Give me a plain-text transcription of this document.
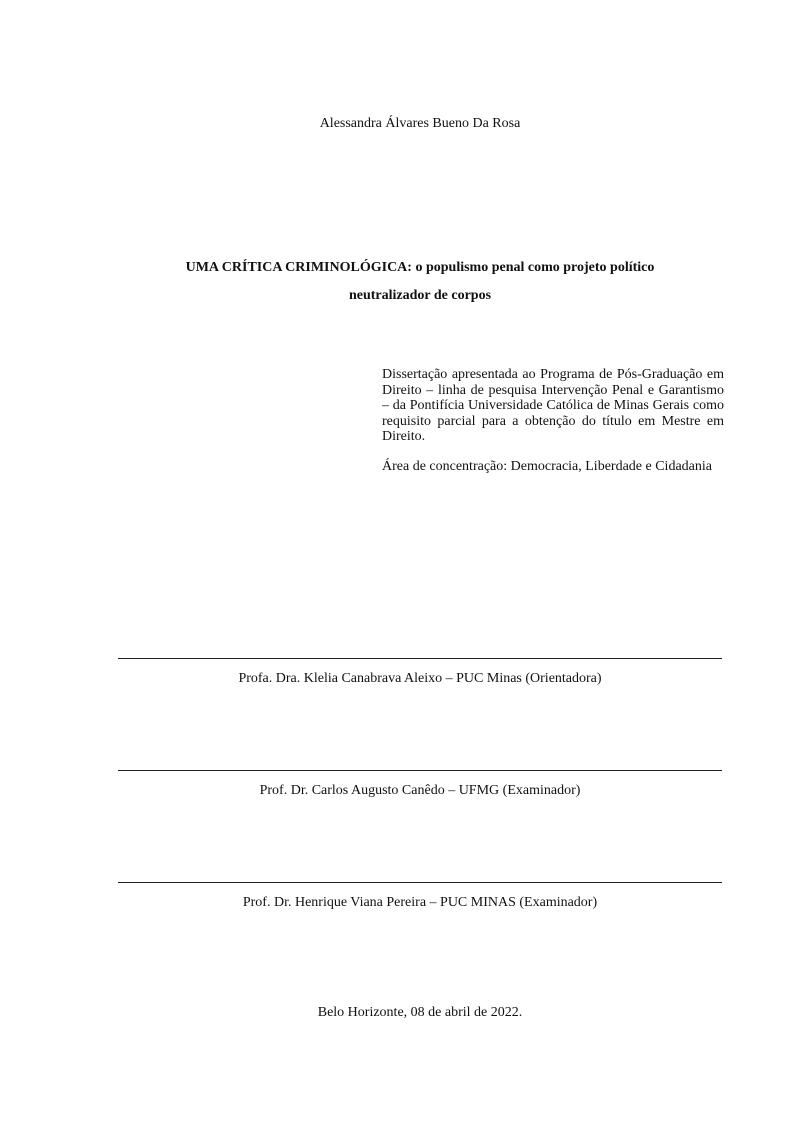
Alessandra Álvares Bueno Da Rosa
UMA CRÍTICA CRIMINOLÓGICA: o populismo penal como projeto político
neutralizador de corpos

Dissertação apresentada ao Programa de Pós-Graduação em Direito – linha de pesquisa Intervenção Penal e Garantismo – da Pontifícia Universidade Católica de Minas Gerais como requisito parcial para a obtenção do título em Mestre em Direito.

Área de concentração: Democracia, Liberdade e Cidadania

Profa. Dra. Klelia Canabrava Aleixo – PUC Minas (Orientadora)
Prof. Dr. Carlos Augusto Canêdo – UFMG (Examinador)
Prof. Dr. Henrique Viana Pereira – PUC MINAS (Examinador)
Belo Horizonte, 08 de abril de 2022.
